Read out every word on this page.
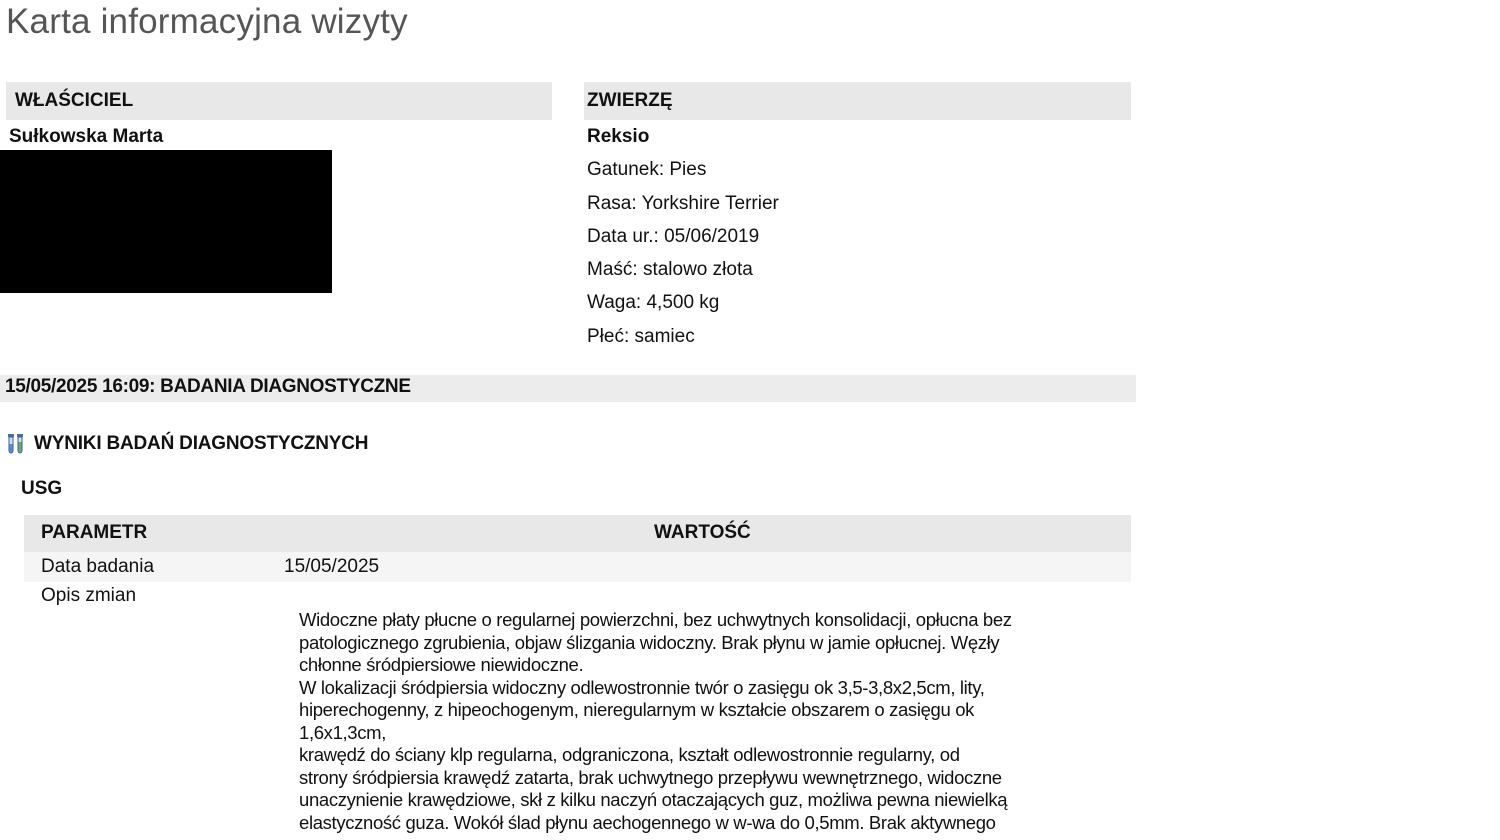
Karta informacyjna wizyty
WŁAŚCICIEL
Sułkowska Marta
ZWIERZĘ
Reksio
Gatunek: Pies
Rasa: Yorkshire Terrier
Data ur.: 05/06/2019
Maść: stalowo złota
Waga: 4,500 kg
Płeć: samiec
15/05/2025 16:09: BADANIA DIAGNOSTYCZNE
WYNIKI BADAŃ DIAGNOSTYCZNYCH
USG
PARAMETR	WARTOŚĆ
Data badania	15/05/2025
Opis zmian

Widoczne płaty płucne o regularnej powierzchni, bez uchwytnych konsolidacji, opłucna bez

patologicznego zgrubienia, objaw ślizgania widoczny. Brak płynu w jamie opłucnej. Węzły

chłonne śródpiersiowe niewidoczne.

W lokalizacji śródpiersia widoczny odlewostronnie twór o zasięgu ok 3,5-3,8x2,5cm, lity,

hiperechogenny, z hipeochogenym, nieregularnym w kształcie obszarem o zasięgu ok

1,6x1,3cm,

krawędź do ściany klp regularna, odgraniczona, kształt odlewostronnie regularny, od

strony śródpiersia krawędź zatarta, brak uchwytnego przepływu wewnętrznego, widoczne

unaczynienie krawędziowe, skł z kilku naczyń otaczających guz, możliwa pewna niewielką

elastyczność guza. Wokół ślad płynu aechogennego w w-wa do 0,5mm. Brak aktywnego
